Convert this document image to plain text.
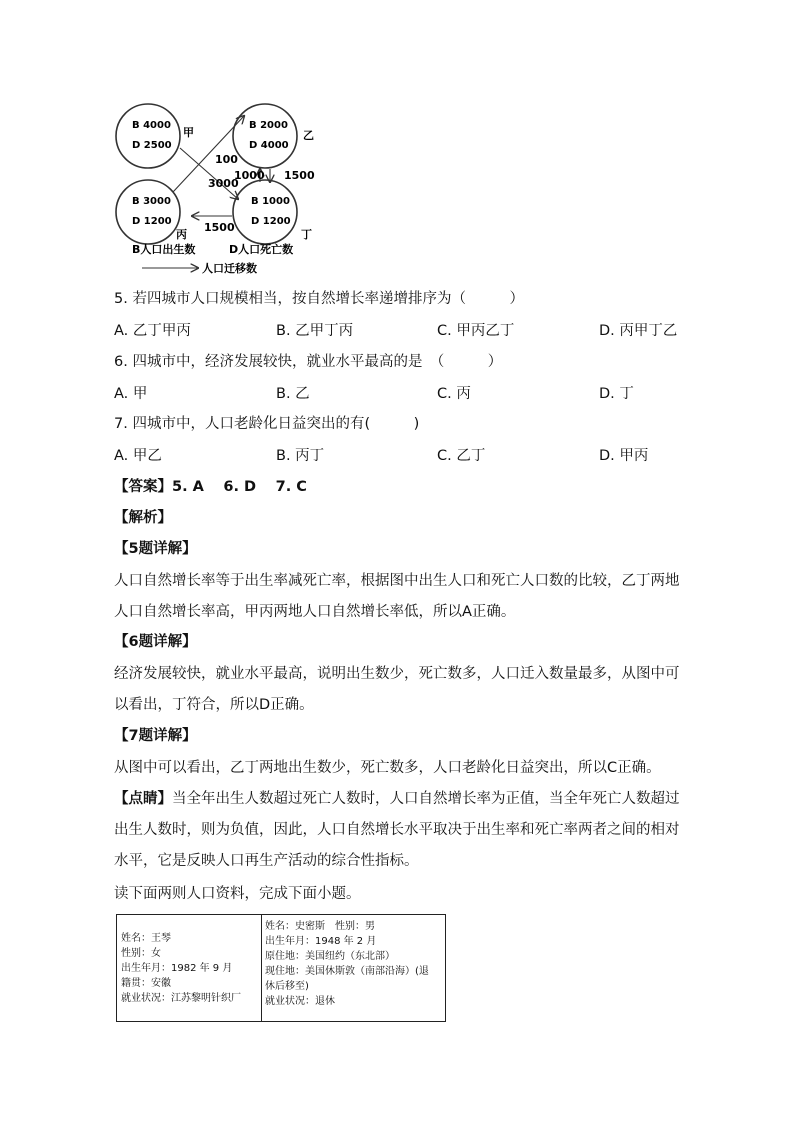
B 4000
D 2500
B 2000
D 4000
B 3000
D 1200
B 1000
D 1200
甲	乙
丙	丁
100
3000
1000 1500
1500
B人口出生数	D人口死亡数
人口迁移数
5. 若四城市人口规模相当，按自然增长率递增排序为（　　　）
A. 乙丁甲丙	B. 乙甲丁丙	C. 甲丙乙丁	D. 丙甲丁乙
6. 四城市中，经济发展较快，就业水平最高的是　（　　　）
A. 甲	B. 乙	C. 丙	D. 丁
7. 四城市中，人口老龄化日益突出的有(　　　)
A. 甲乙	B. 丙丁	C. 乙丁	D. 甲丙
【答案】5. A　 6. D　 7. C
【解析】
【5题详解】
人口自然增长率等于出生率减死亡率，根据图中出生人口和死亡人口数的比较，乙丁两地人口自然增长率高，甲丙两地人口自然增长率低，所以A正确。
【6题详解】
经济发展较快，就业水平最高，说明出生数少，死亡数多，人口迁入数量最多，从图中可以看出，丁符合，所以D正确。
【7题详解】
从图中可以看出，乙丁两地出生数少，死亡数多，人口老龄化日益突出，所以C正确。
【点睛】当全年出生人数超过死亡人数时，人口自然增长率为正值，当全年死亡人数超过出生人数时，则为负值，因此，人口自然增长水平取决于出生率和死亡率两者之间的相对水平，它是反映人口再生产活动的综合性指标。
读下面两则人口资料，完成下面小题。
姓名：王琴
性别：女
出生年月：1982 年 9 月
籍贯：安徽
就业状况：江苏黎明针织厂
姓名：史密斯　性别：男
出生年月：1948 年 2 月
原住地：美国纽约（东北部）
现住地：美国休斯敦（南部沿海）(退
休后移至)
就业状况：退休
